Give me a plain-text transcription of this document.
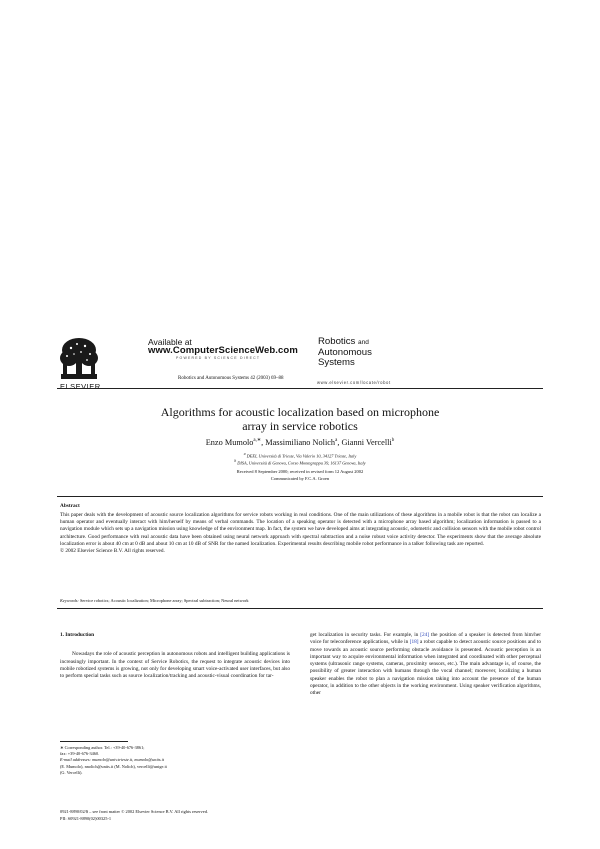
ELSEVIER
Available at
www.ComputerScienceWeb.com
POWERED BY SCIENCE DIRECT
Robotics and Autonomous Systems 42 (2003) 69–88
Robotics and
Autonomous
Systems
www.elsevier.com/locate/robot
Algorithms for acoustic localization based on microphone
array in service robotics
Enzo Mumolo$^{a,∗}$, Massimiliano Nolich$^a$, Gianni Vercelli$^b$
$^a$ DEEI, Università di Trieste, Via Valerio 10, 34127 Trieste, Italy
$^b$ DISA, Università di Genova, Corso Montegrappa 39, 16137 Genova, Italy
Received 8 September 2000; received in revised form 12 August 2002
Communicated by F.C.A. Groen
Abstract
This paper deals with the development of acoustic source localization algorithms for service robots working in real conditions. One of the main utilizations of these algorithms in a mobile robot is that the robot can localize a human operator and eventually interact with him/herself by means of verbal commands. The location of a speaking operator is detected with a microphone array based algorithm; localization information is passed to a navigation module which sets up a navigation mission using knowledge of the environment map. In fact, the system we have developed aims at integrating acoustic, odometric and collision sensors with the mobile robot control architecture. Good performance with real acoustic data have been obtained using neural network approach with spectral subtraction and a noise robust voice activity detector. The experiments show that the average absolute localization error is about 40 cm at 0 dB and about 10 cm at 10 dB of SNR for the named localization. Experimental results describing mobile robot performance in a talker following task are reported.
© 2002 Elsevier Science B.V. All rights reserved.
Keywords: Service robotics; Acoustic localization; Microphone array; Spectral subtraction; Neural network
1. Introduction

Nowadays the role of acoustic perception in autonomous robots and intelligent building applications is increasingly important. In the context of Service Robotics, the request to integrate acoustic devices into mobile robotized systems is growing, not only for developing smart voice-activated user interfaces, but also to perform special tasks such as source localization/tracking and acoustic-visual coordination for tar-

get localization in security tasks. For example, in [24] the position of a speaker is detected from him/her voice for teleconference applications, while in [18] a robot capable to detect acoustic source positions and to move towards an acoustic source performing obstacle avoidance is presented. Acoustic perception is an important way to acquire environmental information when integrated and coordinated with other perceptual systems (ultrasonic range systems, cameras, proximity sensors, etc.). The main advantage is, of course, the possibility of greater interaction with humans through the vocal channel; moreover, localizing a human speaker enables the robot to plan a navigation mission taking into account the presence of the human operator, in addition to the other objects in the working environment. Using speaker verification algorithms, other

∗ Corresponding author. Tel.: +39-40-676-3861;

fax: +39-40-676-3460.

E-mail addresses: mumolo@univ.trieste.it, mumolo@units.it

(E. Mumolo), nnolich@units.it (M. Nolich), vercelli@unige.it

(G. Vercelli).

0921-8890/02/$ – see front matter © 2002 Elsevier Science B.V. All rights reserved.

PII: S0921-8890(02)00325-1
